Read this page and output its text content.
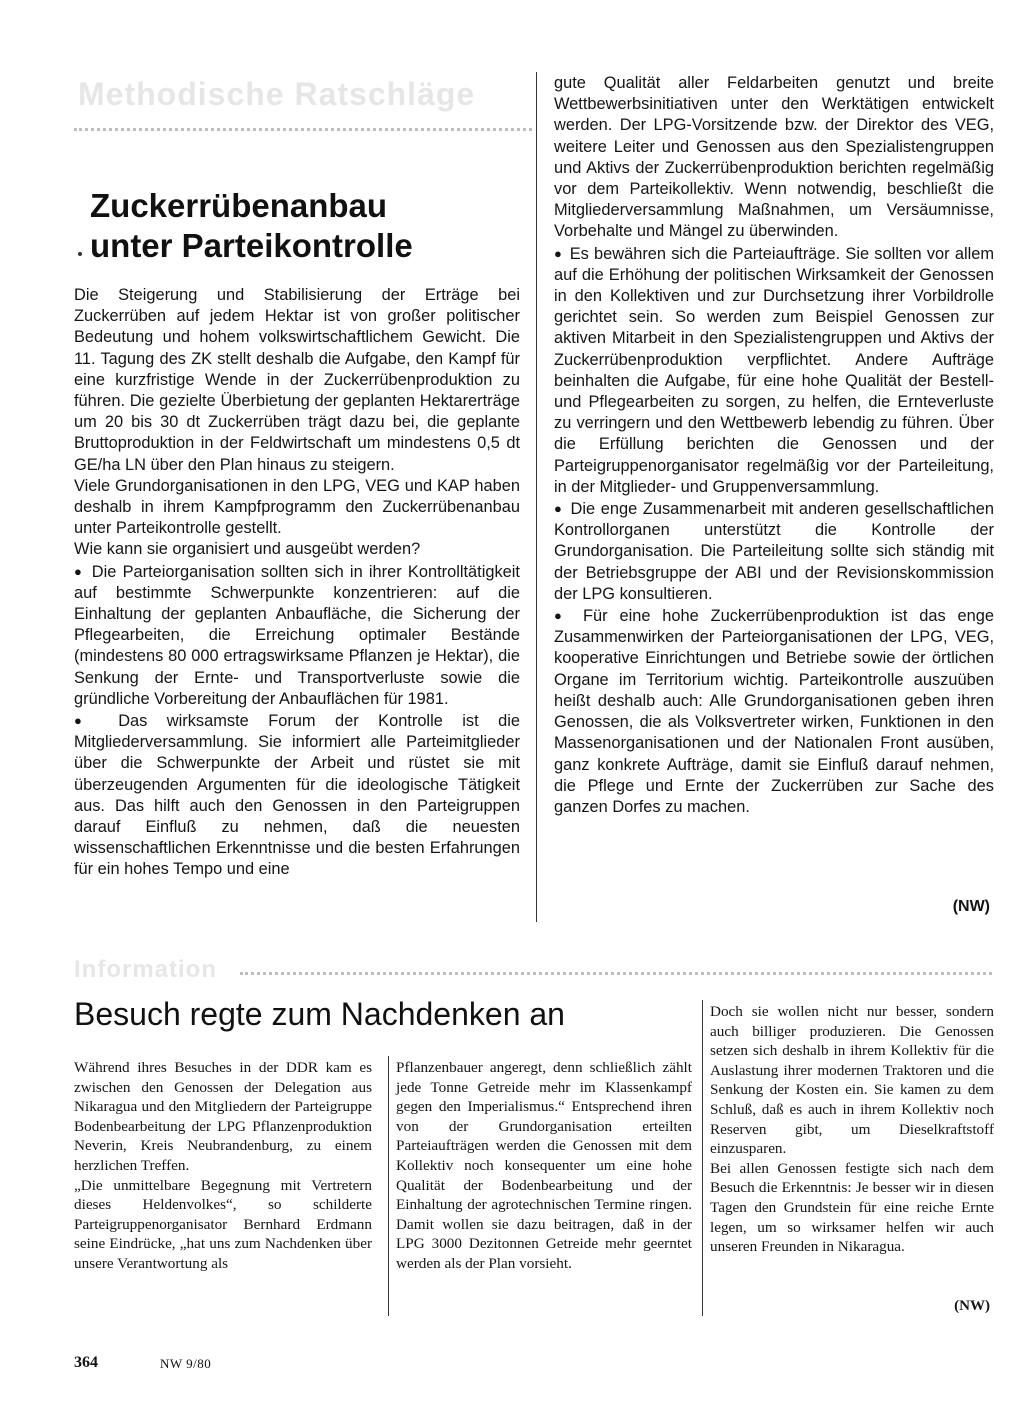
Methodische Ratschläge
Zuckerrübenanbau
unter Parteikontrolle

Die Steigerung und Stabilisierung der Erträge bei Zuckerrüben auf jedem Hektar ist von großer politischer Bedeutung und hohem volkswirtschaftlichem Gewicht. Die 11. Tagung des ZK stellt deshalb die Aufgabe, den Kampf für eine kurzfristige Wende in der Zuckerrübenproduktion zu führen. Die gezielte Überbietung der geplanten Hektarerträge um 20 bis 30 dt Zuckerrüben trägt dazu bei, die geplante Bruttoproduktion in der Feldwirtschaft um mindestens 0,5 dt GE/ha LN über den Plan hinaus zu steigern.

Viele Grundorganisationen in den LPG, VEG und KAP haben deshalb in ihrem Kampfprogramm den Zuckerrübenanbau unter Parteikontrolle gestellt.

Wie kann sie organisiert und ausgeübt werden?

● Die Parteiorganisation sollten sich in ihrer Kontrolltätigkeit auf bestimmte Schwerpunkte konzentrieren: auf die Einhaltung der geplanten Anbaufläche, die Sicherung der Pflegearbeiten, die Erreichung optimaler Bestände (mindestens 80 000 ertragswirksame Pflanzen je Hektar), die Senkung der Ernte- und Transportverluste sowie die gründliche Vorbereitung der Anbauflächen für 1981.

● Das wirksamste Forum der Kontrolle ist die Mitgliederversammlung. Sie informiert alle Parteimitglieder über die Schwerpunkte der Arbeit und rüstet sie mit überzeugenden Argumenten für die ideologische Tätigkeit aus. Das hilft auch den Genossen in den Parteigruppen darauf Einfluß zu nehmen, daß die neuesten wissenschaftlichen Erkenntnisse und die besten Erfahrungen für ein hohes Tempo und eine

gute Qualität aller Feldarbeiten genutzt und breite Wettbewerbsinitiativen unter den Werktätigen entwickelt werden. Der LPG-Vorsitzende bzw. der Direktor des VEG, weitere Leiter und Genossen aus den Spezialistengruppen und Aktivs der Zuckerrübenproduktion berichten regelmäßig vor dem Parteikollektiv. Wenn notwendig, beschließt die Mitgliederversammlung Maßnahmen, um Versäumnisse, Vorbehalte und Mängel zu überwinden.

● Es bewähren sich die Parteiaufträge. Sie sollten vor allem auf die Erhöhung der politischen Wirksamkeit der Genossen in den Kollektiven und zur Durchsetzung ihrer Vorbildrolle gerichtet sein. So werden zum Beispiel Genossen zur aktiven Mitarbeit in den Spezialistengruppen und Aktivs der Zuckerrübenproduktion verpflichtet. Andere Aufträge beinhalten die Aufgabe, für eine hohe Qualität der Bestell- und Pflegearbeiten zu sorgen, zu helfen, die Ernteverluste zu verringern und den Wettbewerb lebendig zu führen. Über die Erfüllung berichten die Genossen und der Parteigruppenorganisator regelmäßig vor der Parteileitung, in der Mitglieder- und Gruppenversammlung.

● Die enge Zusammenarbeit mit anderen gesellschaftlichen Kontrollorganen unterstützt die Kontrolle der Grundorganisation. Die Parteileitung sollte sich ständig mit der Betriebsgruppe der ABI und der Revisionskommission der LPG konsultieren.

● Für eine hohe Zuckerrübenproduktion ist das enge Zusammenwirken der Parteiorganisationen der LPG, VEG, kooperative Einrichtungen und Betriebe sowie der örtlichen Organe im Territorium wichtig. Parteikontrolle auszuüben heißt deshalb auch: Alle Grundorganisationen geben ihren Genossen, die als Volksvertreter wirken, Funktionen in den Massenorganisationen und der Nationalen Front ausüben, ganz konkrete Aufträge, damit sie Einfluß darauf nehmen, die Pflege und Ernte der Zuckerrüben zur Sache des ganzen Dorfes zu machen.

(NW)
Information
Besuch regte zum Nachdenken an

Während ihres Besuches in der DDR kam es zwischen den Genossen der Delegation aus Nikaragua und den Mitgliedern der Parteigruppe Bodenbearbeitung der LPG Pflanzenproduktion Neverin, Kreis Neubrandenburg, zu einem herzlichen Treffen.

„Die unmittelbare Begegnung mit Vertretern dieses Heldenvolkes“, so schilderte Parteigruppenorganisator Bernhard Erdmann seine Eindrücke, „hat uns zum Nachdenken über unsere Verantwortung als

Pflanzenbauer angeregt, denn schließlich zählt jede Tonne Getreide mehr im Klassenkampf gegen den Imperialismus.“ Entsprechend ihren von der Grundorganisation erteilten Parteiaufträgen werden die Genossen mit dem Kollektiv noch konsequenter um eine hohe Qualität der Bodenbearbeitung und der Einhaltung der agrotechnischen Termine ringen. Damit wollen sie dazu beitragen, daß in der LPG 3000 Dezitonnen Getreide mehr geerntet werden als der Plan vorsieht.

Doch sie wollen nicht nur besser, sondern auch billiger produzieren. Die Genossen setzen sich deshalb in ihrem Kollektiv für die Auslastung ihrer modernen Traktoren und die Senkung der Kosten ein. Sie kamen zu dem Schluß, daß es auch in ihrem Kollektiv noch Reserven gibt, um Dieselkraftstoff einzusparen.

Bei allen Genossen festigte sich nach dem Besuch die Erkenntnis: Je besser wir in diesen Tagen den Grundstein für eine reiche Ernte legen, um so wirksamer helfen wir auch unseren Freunden in Nikaragua.

(NW)
364	NW 9/80
